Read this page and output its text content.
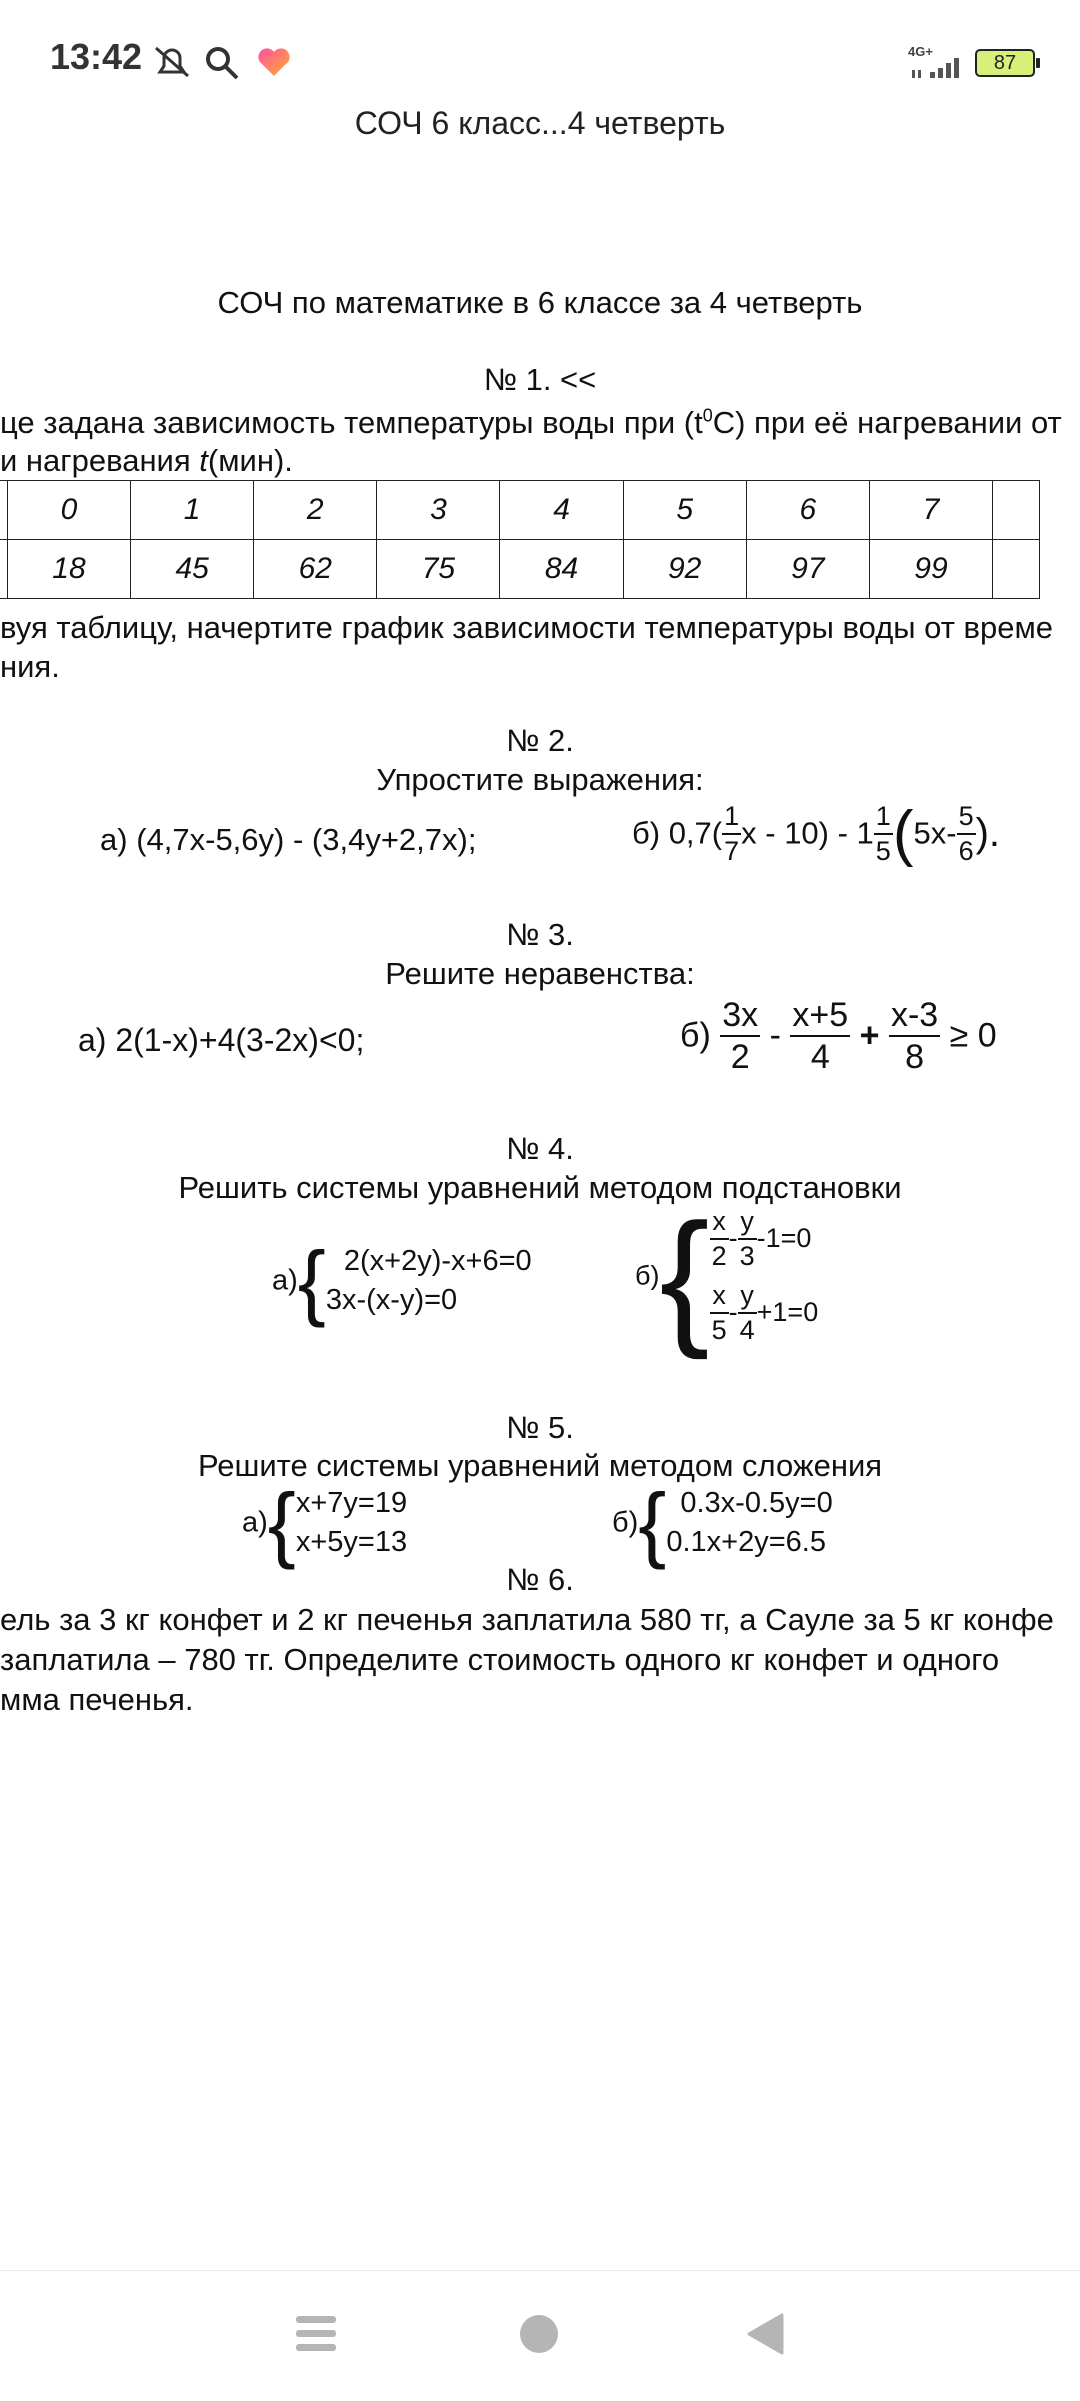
13:42	4G+
87
СОЧ 6 класс...4 четверть
СОЧ по математике в 6 классе за 4 четверть
№ 1. <<
це задана зависимость температуры воды при $(t^0C)$ при её нагревании от
и нагревания t(мин).
	0	1	2	3	4	5	6	7	
	18	45	62	75	84	92	97	99	
вуя таблицу, начертите график зависимости температуры воды от време
ния.
№ 2.
Упростите выражения:
а) (4,7х-5,6у) - (3,4у+2,7х);	б) $0,7( \frac{1}{7}$ х - $10) - 1 \frac{1}{5} (5х- \frac{5}{6}$ ).
№ 3.
Решите неравенства:
а) 2(1-х)+4(3-2х)<0;	$б) \frac{3х}{2} - \frac{х+5}{4} + \frac{х-3}{8} \ge 0$
№ 4.
Решить системы уравнений методом подстановки
а){ 2(х+2у)-х+6=0
3х-(х-у)=0
$б)\{ \frac{х}{2} - \frac{у}{3} -1=0$
$\frac{х}{5} - \frac{у}{4} +1=0$
№ 5.
Решите системы уравнений методом сложения
а){ х+7у=19
х+5у=13
б){ 0.3х-0.5у=0
0.1х+2у=6.5
№ 6.
ель за 3 кг конфет и 2 кг печенья заплатила 580 тг, а Сауле за 5 кг конфе
заплатила – 780 тг. Определите стоимость одного кг конфет и одного
мма печенья.
